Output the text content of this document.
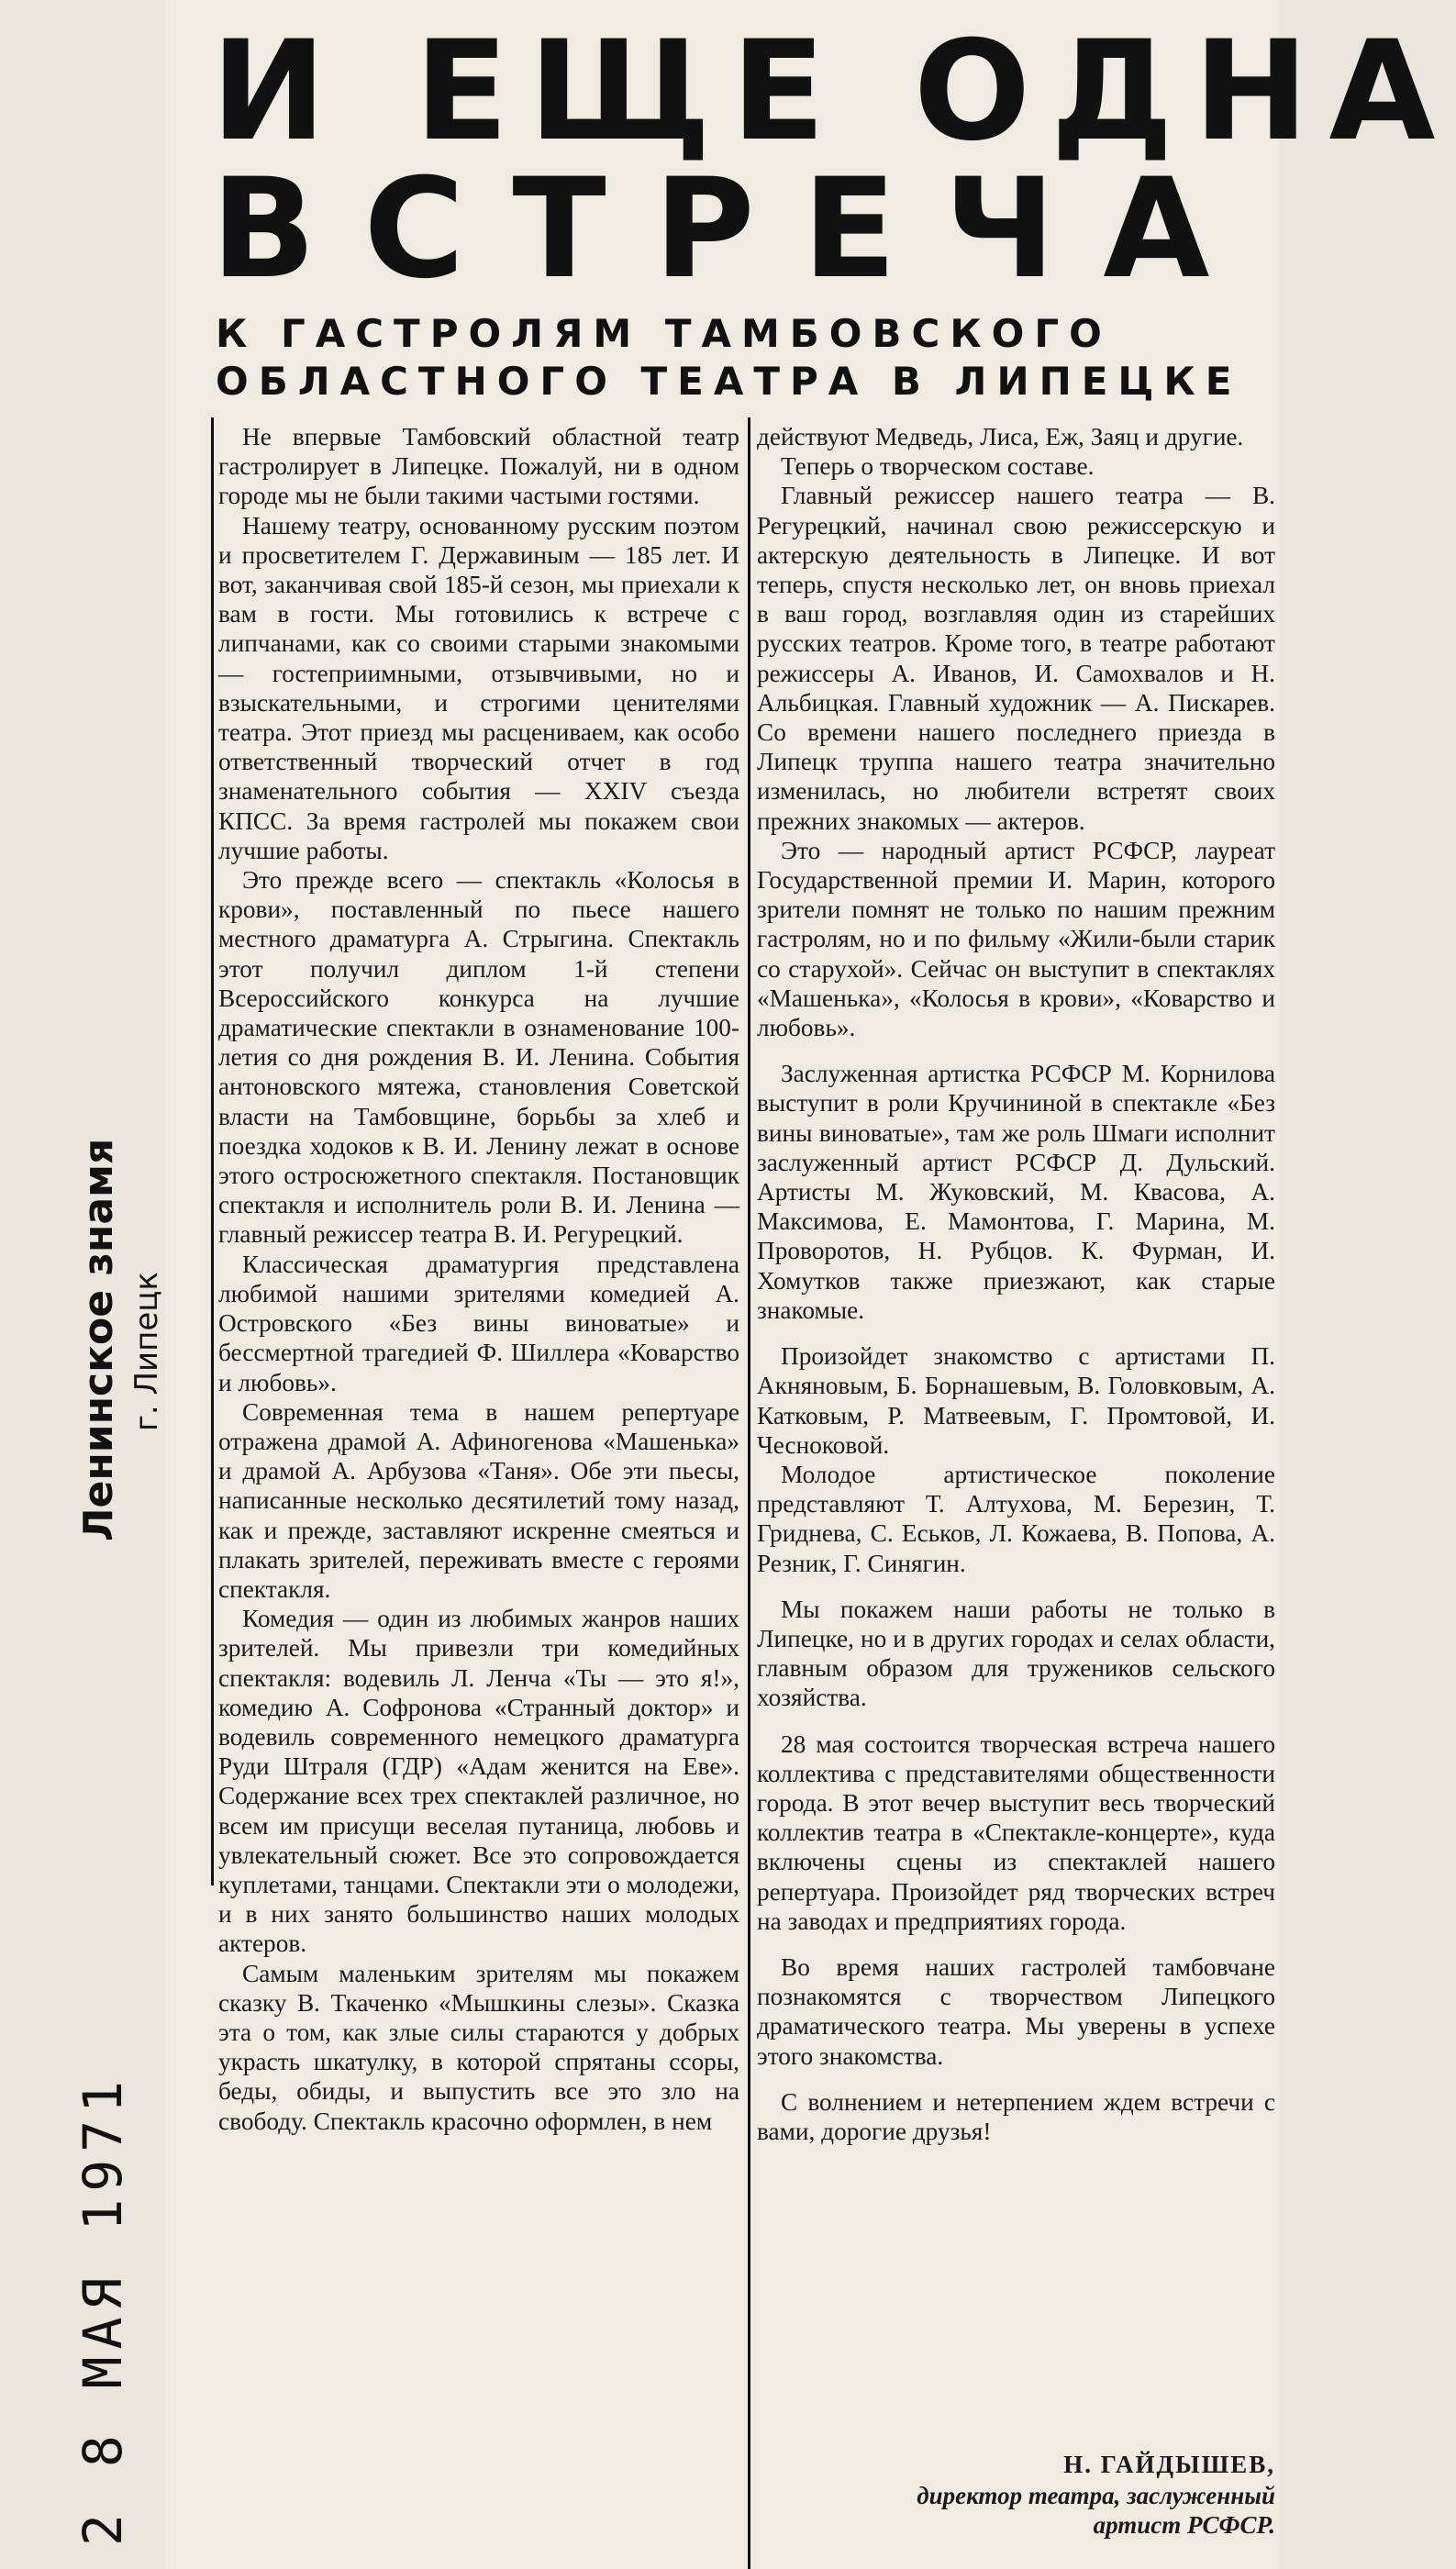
И ЕЩЕ ОДНА
ВСТРЕЧА
К ГАСТРОЛЯМ ТАМБОВСКОГО
ОБЛАСТНОГО ТЕАТРА В ЛИПЕЦКЕ

Не впервые Тамбовский областной театр гастролирует в Липецке. Пожалуй, ни в одном городе мы не были такими частыми гостями.

Нашему театру, основанному русским поэтом и просветителем Г. Державиным — 185 лет. И вот, заканчивая свой 185-й сезон, мы приехали к вам в гости. Мы готовились к встрече с липчанами, как со своими старыми знакомыми — гостеприимными, отзывчивыми, но и взыскательными, и строгими ценителями театра. Этот приезд мы расцениваем, как особо ответственный творческий отчет в год знаменательного события — XXIV съезда КПСС. За время гастролей мы покажем свои лучшие работы.

Это прежде всего — спектакль «Колосья в крови», поставленный по пьесе нашего местного драматурга А. Стрыгина. Спектакль этот получил диплом 1-й степени Всероссийского конкурса на лучшие драматические спектакли в ознаменование 100-летия со дня рождения В. И. Ленина. События антоновского мятежа, становления Советской власти на Тамбовщине, борьбы за хлеб и поездка ходоков к В. И. Ленину лежат в основе этого остросюжетного спектакля. Постановщик спектакля и исполнитель роли В. И. Ленина — главный режиссер театра В. И. Регурецкий.

Классическая драматургия представлена любимой нашими зрителями комедией А. Островского «Без вины виноватые» и бессмертной трагедией Ф. Шиллера «Коварство и любовь».

Современная тема в нашем репертуаре отражена драмой А. Афиногенова «Машенька» и драмой А. Арбузова «Таня». Обе эти пьесы, написанные несколько десятилетий тому назад, как и прежде, заставляют искренне смеяться и плакать зрителей, переживать вместе с героями спектакля.

Комедия — один из любимых жанров наших зрителей. Мы привезли три комедийных спектакля: водевиль Л. Ленча «Ты — это я!», комедию А. Софронова «Странный доктор» и водевиль современного немецкого драматурга Руди Штраля (ГДР) «Адам женится на Еве». Содержание всех трех спектаклей различное, но всем им присущи веселая путаница, любовь и увлекательный сюжет. Все это сопровождается куплетами, танцами. Спектакли эти о молодежи, и в них занято большинство наших молодых актеров.

Самым маленьким зрителям мы покажем сказку В. Ткаченко «Мышкины слезы». Сказка эта о том, как злые силы стараются у добрых украсть шкатулку, в которой спрятаны ссоры, беды, обиды, и выпустить все это зло на свободу. Спектакль красочно оформлен, в нем

действуют Медведь, Лиса, Еж, Заяц и другие.

Теперь о творческом составе.

Главный режиссер нашего театра — В. Регурецкий, начинал свою режиссерскую и актерскую деятельность в Липецке. И вот теперь, спустя несколько лет, он вновь приехал в ваш город, возглавляя один из старейших русских театров. Кроме того, в театре работают режиссеры А. Иванов, И. Самохвалов и Н. Альбицкая. Главный художник — А. Пискарев. Со времени нашего последнего приезда в Липецк труппа нашего театра значительно изменилась, но любители встретят своих прежних знакомых — актеров.

Это — народный артист РСФСР, лауреат Государственной премии И. Марин, которого зрители помнят не только по нашим прежним гастролям, но и по фильму «Жили-были старик со старухой». Сейчас он выступит в спектаклях «Машенька», «Колосья в крови», «Коварство и любовь».

Заслуженная артистка РСФСР М. Корнилова выступит в роли Кручининой в спектакле «Без вины виноватые», там же роль Шмаги исполнит заслуженный артист РСФСР Д. Дульский. Артисты М. Жуковский, М. Квасова, А. Максимова, Е. Мамонтова, Г. Марина, М. Проворотов, Н. Рубцов. К. Фурман, И. Хомутков также приезжают, как старые знакомые.

Произойдет знакомство с артистами П. Акняновым, Б. Борнашевым, В. Головковым, А. Катковым, Р. Матвеевым, Г. Промтовой, И. Чесноковой.

Молодое артистическое поколение представляют Т. Алтухова, М. Березин, Т. Гриднева, С. Еськов, Л. Кожаева, В. Попова, А. Резник, Г. Синягин.

Мы покажем наши работы не только в Липецке, но и в других городах и селах области, главным образом для тружеников сельского хозяйства.

28 мая состоится творческая встреча нашего коллектива с представителями общественности города. В этот вечер выступит весь творческий коллектив театра в «Спектакле-концерте», куда включены сцены из спектаклей нашего репертуара. Произойдет ряд творческих встреч на заводах и предприятиях города.

Во время наших гастролей тамбовчане познакомятся с творчеством Липецкого драматического театра. Мы уверены в успехе этого знакомства.

С волнением и нетерпением ждем встречи с вами, дорогие друзья!

Н. ГАЙДЫШЕВ,
директор театра, заслуженный
артист РСФСР.
Ленинское знамя г. Липецк
2 8 МАЯ 1971
